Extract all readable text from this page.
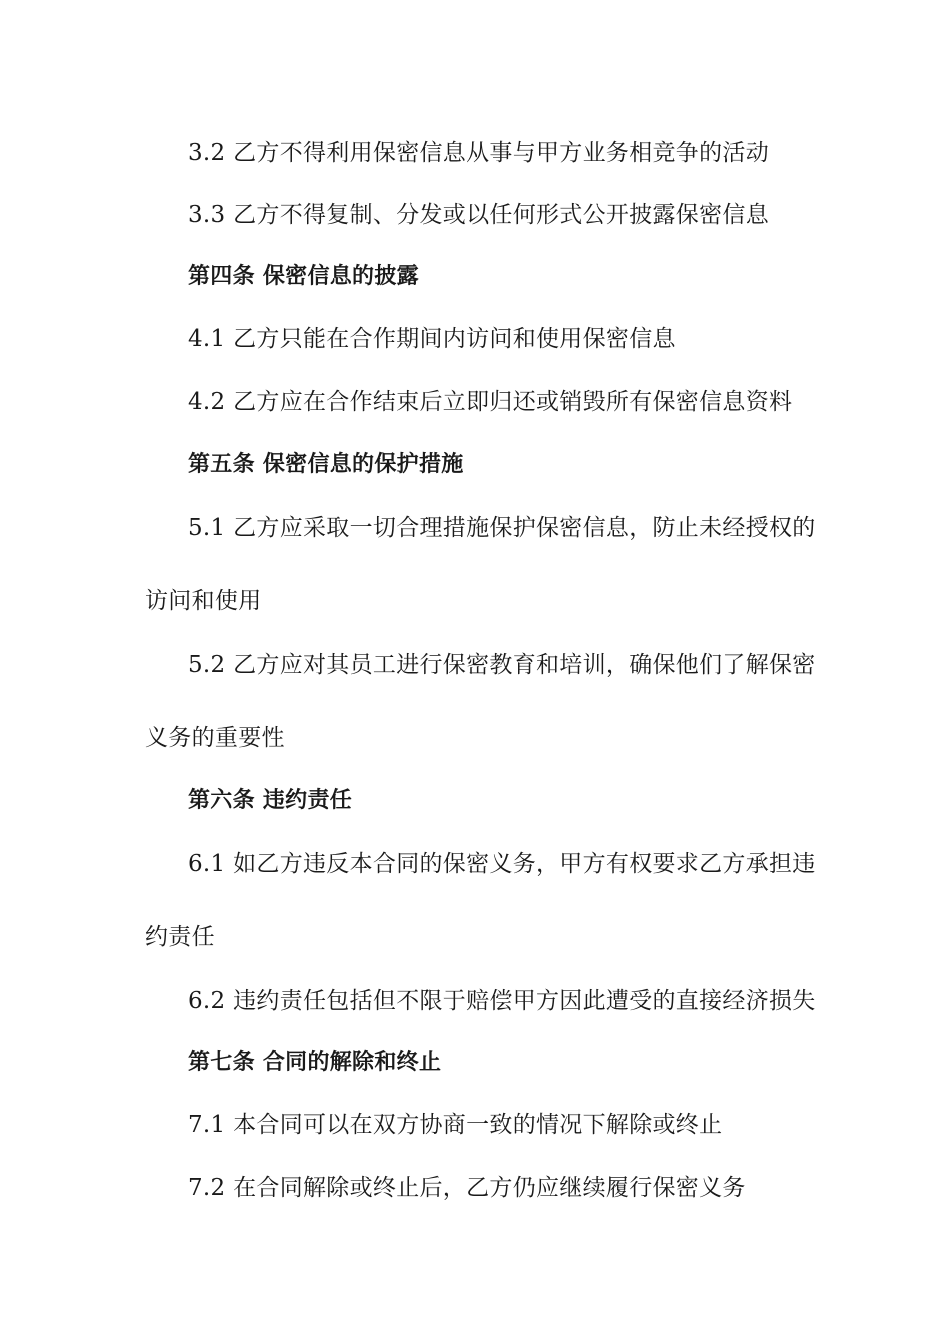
3.2 乙方不得利用保密信息从事与甲方业务相竞争的活动
3.3 乙方不得复制、分发或以任何形式公开披露保密信息
第四条 保密信息的披露
4.1 乙方只能在合作期间内访问和使用保密信息
4.2 乙方应在合作结束后立即归还或销毁所有保密信息资料
第五条 保密信息的保护措施
5.1 乙方应采取一切合理措施保护保密信息，防止未经授权的
访问和使用
5.2 乙方应对其员工进行保密教育和培训，确保他们了解保密
义务的重要性
第六条 违约责任
6.1 如乙方违反本合同的保密义务，甲方有权要求乙方承担违
约责任
6.2 违约责任包括但不限于赔偿甲方因此遭受的直接经济损失
第七条 合同的解除和终止
7.1 本合同可以在双方协商一致的情况下解除或终止
7.2 在合同解除或终止后，乙方仍应继续履行保密义务
